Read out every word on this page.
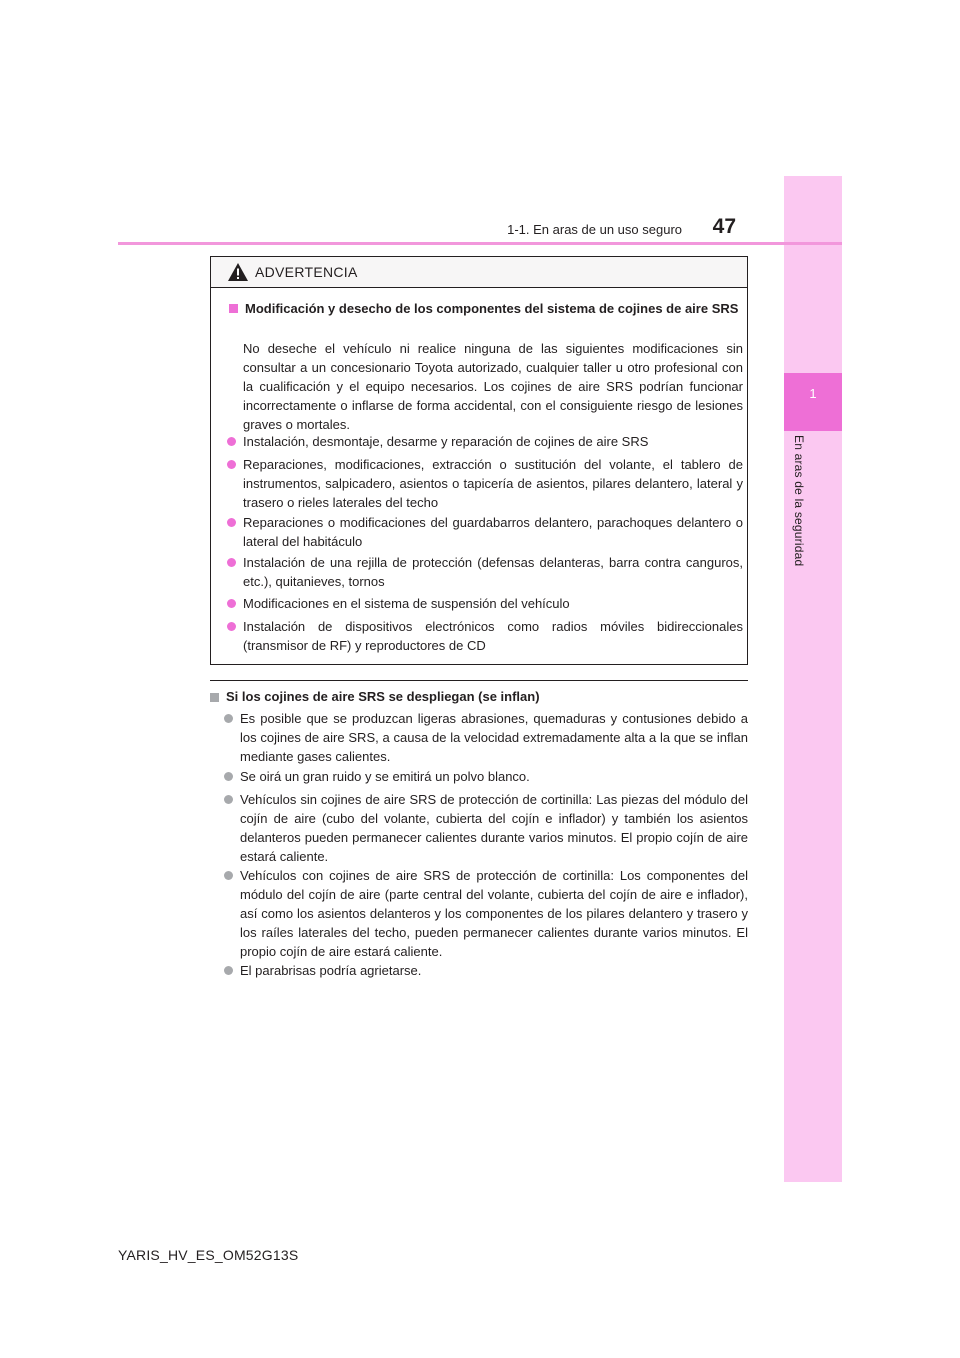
1
En aras de la seguridad
1-1. En aras de un uso seguro	47
ADVERTENCIA
Modificación y desecho de los componentes del sistema de cojines de aire SRS
No deseche el vehículo ni realice ninguna de las siguientes modificaciones sin consultar a un concesionario Toyota autorizado, cualquier taller u otro profesional con la cualificación y el equipo necesarios. Los cojines de aire SRS podrían funcionar incorrectamente o inflarse de forma accidental, con el consiguiente riesgo de lesiones graves o mortales.
Instalación, desmontaje, desarme y reparación de cojines de aire SRS
Reparaciones, modificaciones, extracción o sustitución del volante, el tablero de instrumentos, salpicadero, asientos o tapicería de asientos, pilares delantero, lateral y trasero o rieles laterales del techo
Reparaciones o modificaciones del guardabarros delantero, parachoques delantero o lateral del habitáculo
Instalación de una rejilla de protección (defensas delanteras, barra contra canguros, etc.), quitanieves, tornos
Modificaciones en el sistema de suspensión del vehículo
Instalación de dispositivos electrónicos como radios móviles bidireccionales (transmisor de RF) y reproductores de CD
Si los cojines de aire SRS se despliegan (se inflan)
Es posible que se produzcan ligeras abrasiones, quemaduras y contusiones debido a los cojines de aire SRS, a causa de la velocidad extremadamente alta a la que se inflan mediante gases calientes.
Se oirá un gran ruido y se emitirá un polvo blanco.
Vehículos sin cojines de aire SRS de protección de cortinilla: Las piezas del módulo del cojín de aire (cubo del volante, cubierta del cojín e inflador) y también los asientos delanteros pueden permanecer calientes durante varios minutos. El propio cojín de aire estará caliente.
Vehículos con cojines de aire SRS de protección de cortinilla: Los componentes del módulo del cojín de aire (parte central del volante, cubierta del cojín de aire e inflador), así como los asientos delanteros y los componentes de los pilares delantero y trasero y los raíles laterales del techo, pueden permanecer calientes durante varios minutos. El propio cojín de aire estará caliente.
El parabrisas podría agrietarse.
YARIS_HV_ES_OM52G13S
